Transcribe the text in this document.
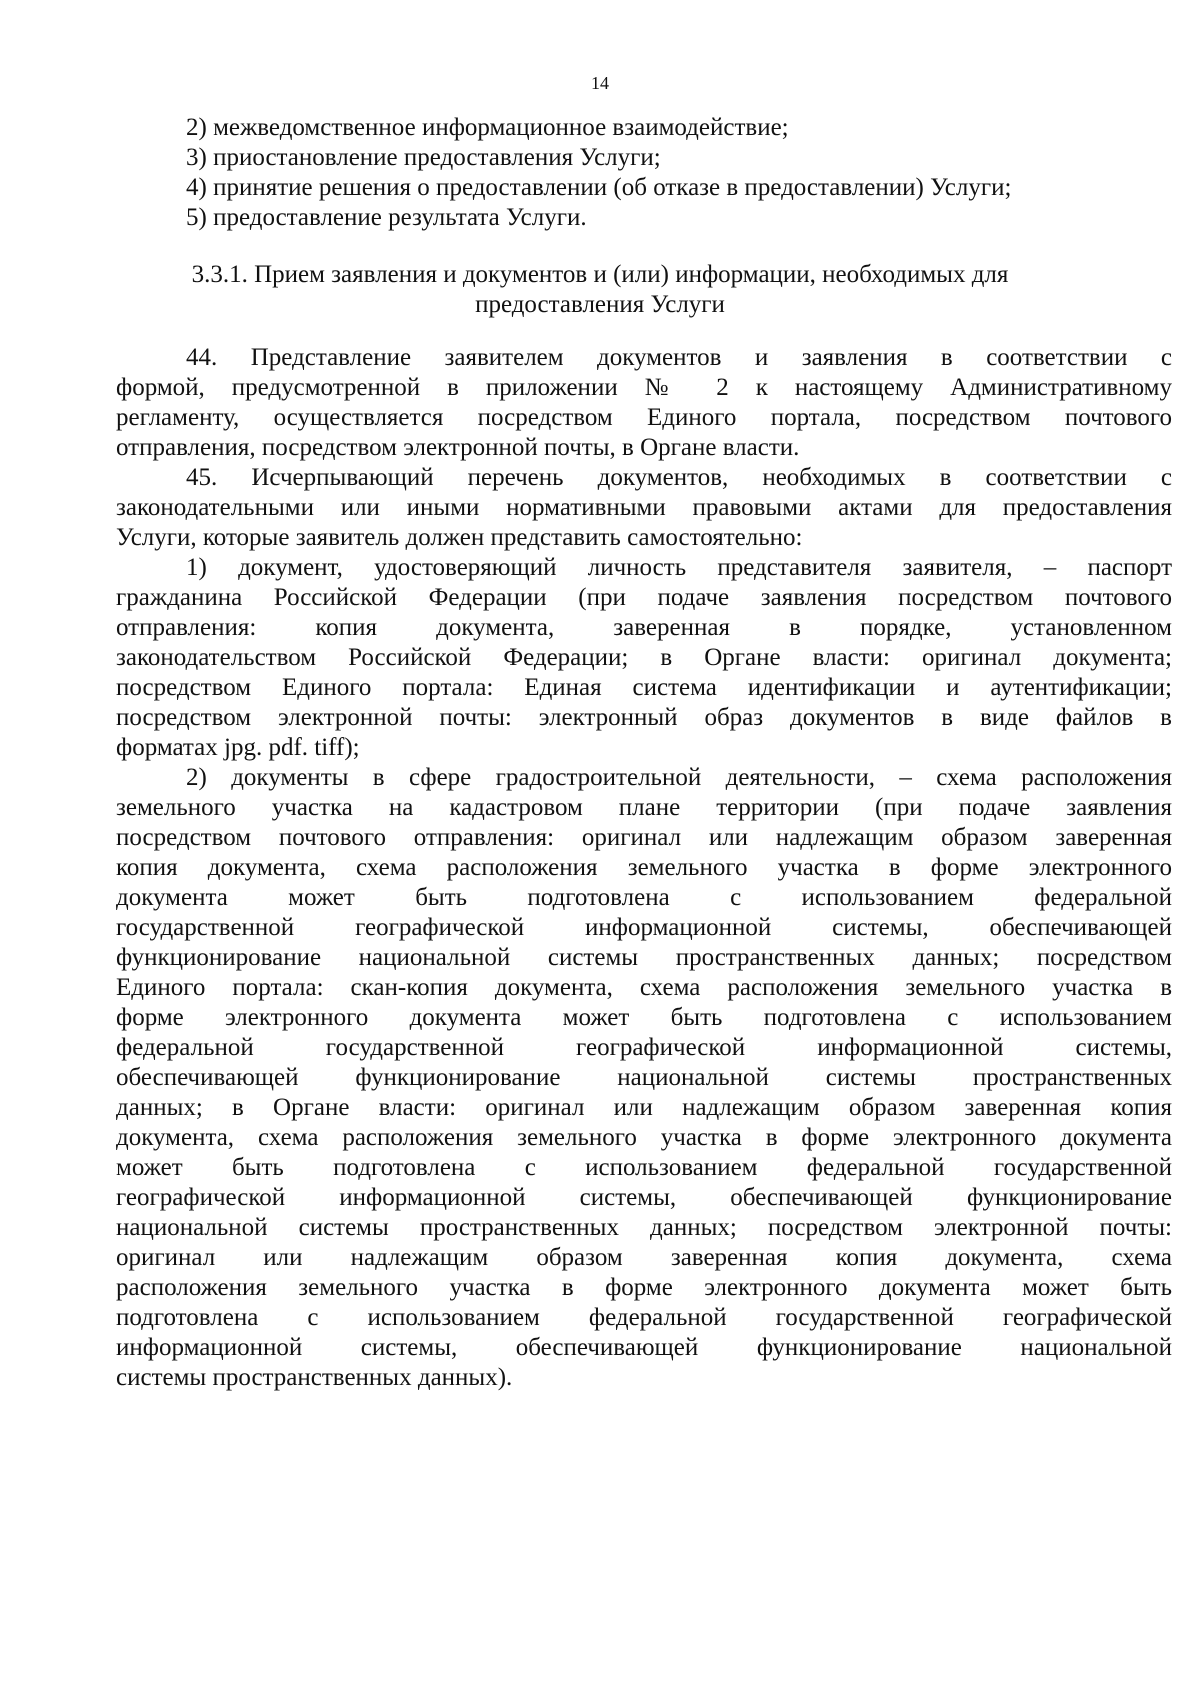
14
2) межведомственное информационное взаимодействие;
3) приостановление предоставления Услуги;
4) принятие решения о предоставлении (об отказе в предоставлении) Услуги;
5) предоставление результата Услуги.
3.3.1. Прием заявления и документов и (или) информации, необходимых для
предоставления Услуги
44. Представление заявителем документов и заявления в соответствии с
формой, предусмотренной в приложении № 2 к настоящему Административному
регламенту, осуществляется посредством Единого портала, посредством почтового
отправления, посредством электронной почты, в Органе власти.
45. Исчерпывающий перечень документов, необходимых в соответствии с
законодательными или иными нормативными правовыми актами для предоставления
Услуги, которые заявитель должен представить самостоятельно:
1) документ, удостоверяющий личность представителя заявителя, – паспорт
гражданина Российской Федерации (при подаче заявления посредством почтового
отправления: копия документа, заверенная в порядке, установленном
законодательством Российской Федерации; в Органе власти: оригинал документа;
посредством Единого портала: Единая система идентификации и аутентификации;
посредством электронной почты: электронный образ документов в виде файлов в
форматах jpg. pdf. tiff);
2) документы в сфере градостроительной деятельности, – схема расположения
земельного участка на кадастровом плане территории (при подаче заявления
посредством почтового отправления: оригинал или надлежащим образом заверенная
копия документа, схема расположения земельного участка в форме электронного
документа может быть подготовлена с использованием федеральной
государственной географической информационной системы, обеспечивающей
функционирование национальной системы пространственных данных; посредством
Единого портала: скан-копия документа, схема расположения земельного участка в
форме электронного документа может быть подготовлена с использованием
федеральной государственной географической информационной системы,
обеспечивающей функционирование национальной системы пространственных
данных; в Органе власти: оригинал или надлежащим образом заверенная копия
документа, схема расположения земельного участка в форме электронного документа
может быть подготовлена с использованием федеральной государственной
географической информационной системы, обеспечивающей функционирование
национальной системы пространственных данных; посредством электронной почты:
оригинал или надлежащим образом заверенная копия документа, схема
расположения земельного участка в форме электронного документа может быть
подготовлена с использованием федеральной государственной географической
информационной системы, обеспечивающей функционирование национальной
системы пространственных данных).
